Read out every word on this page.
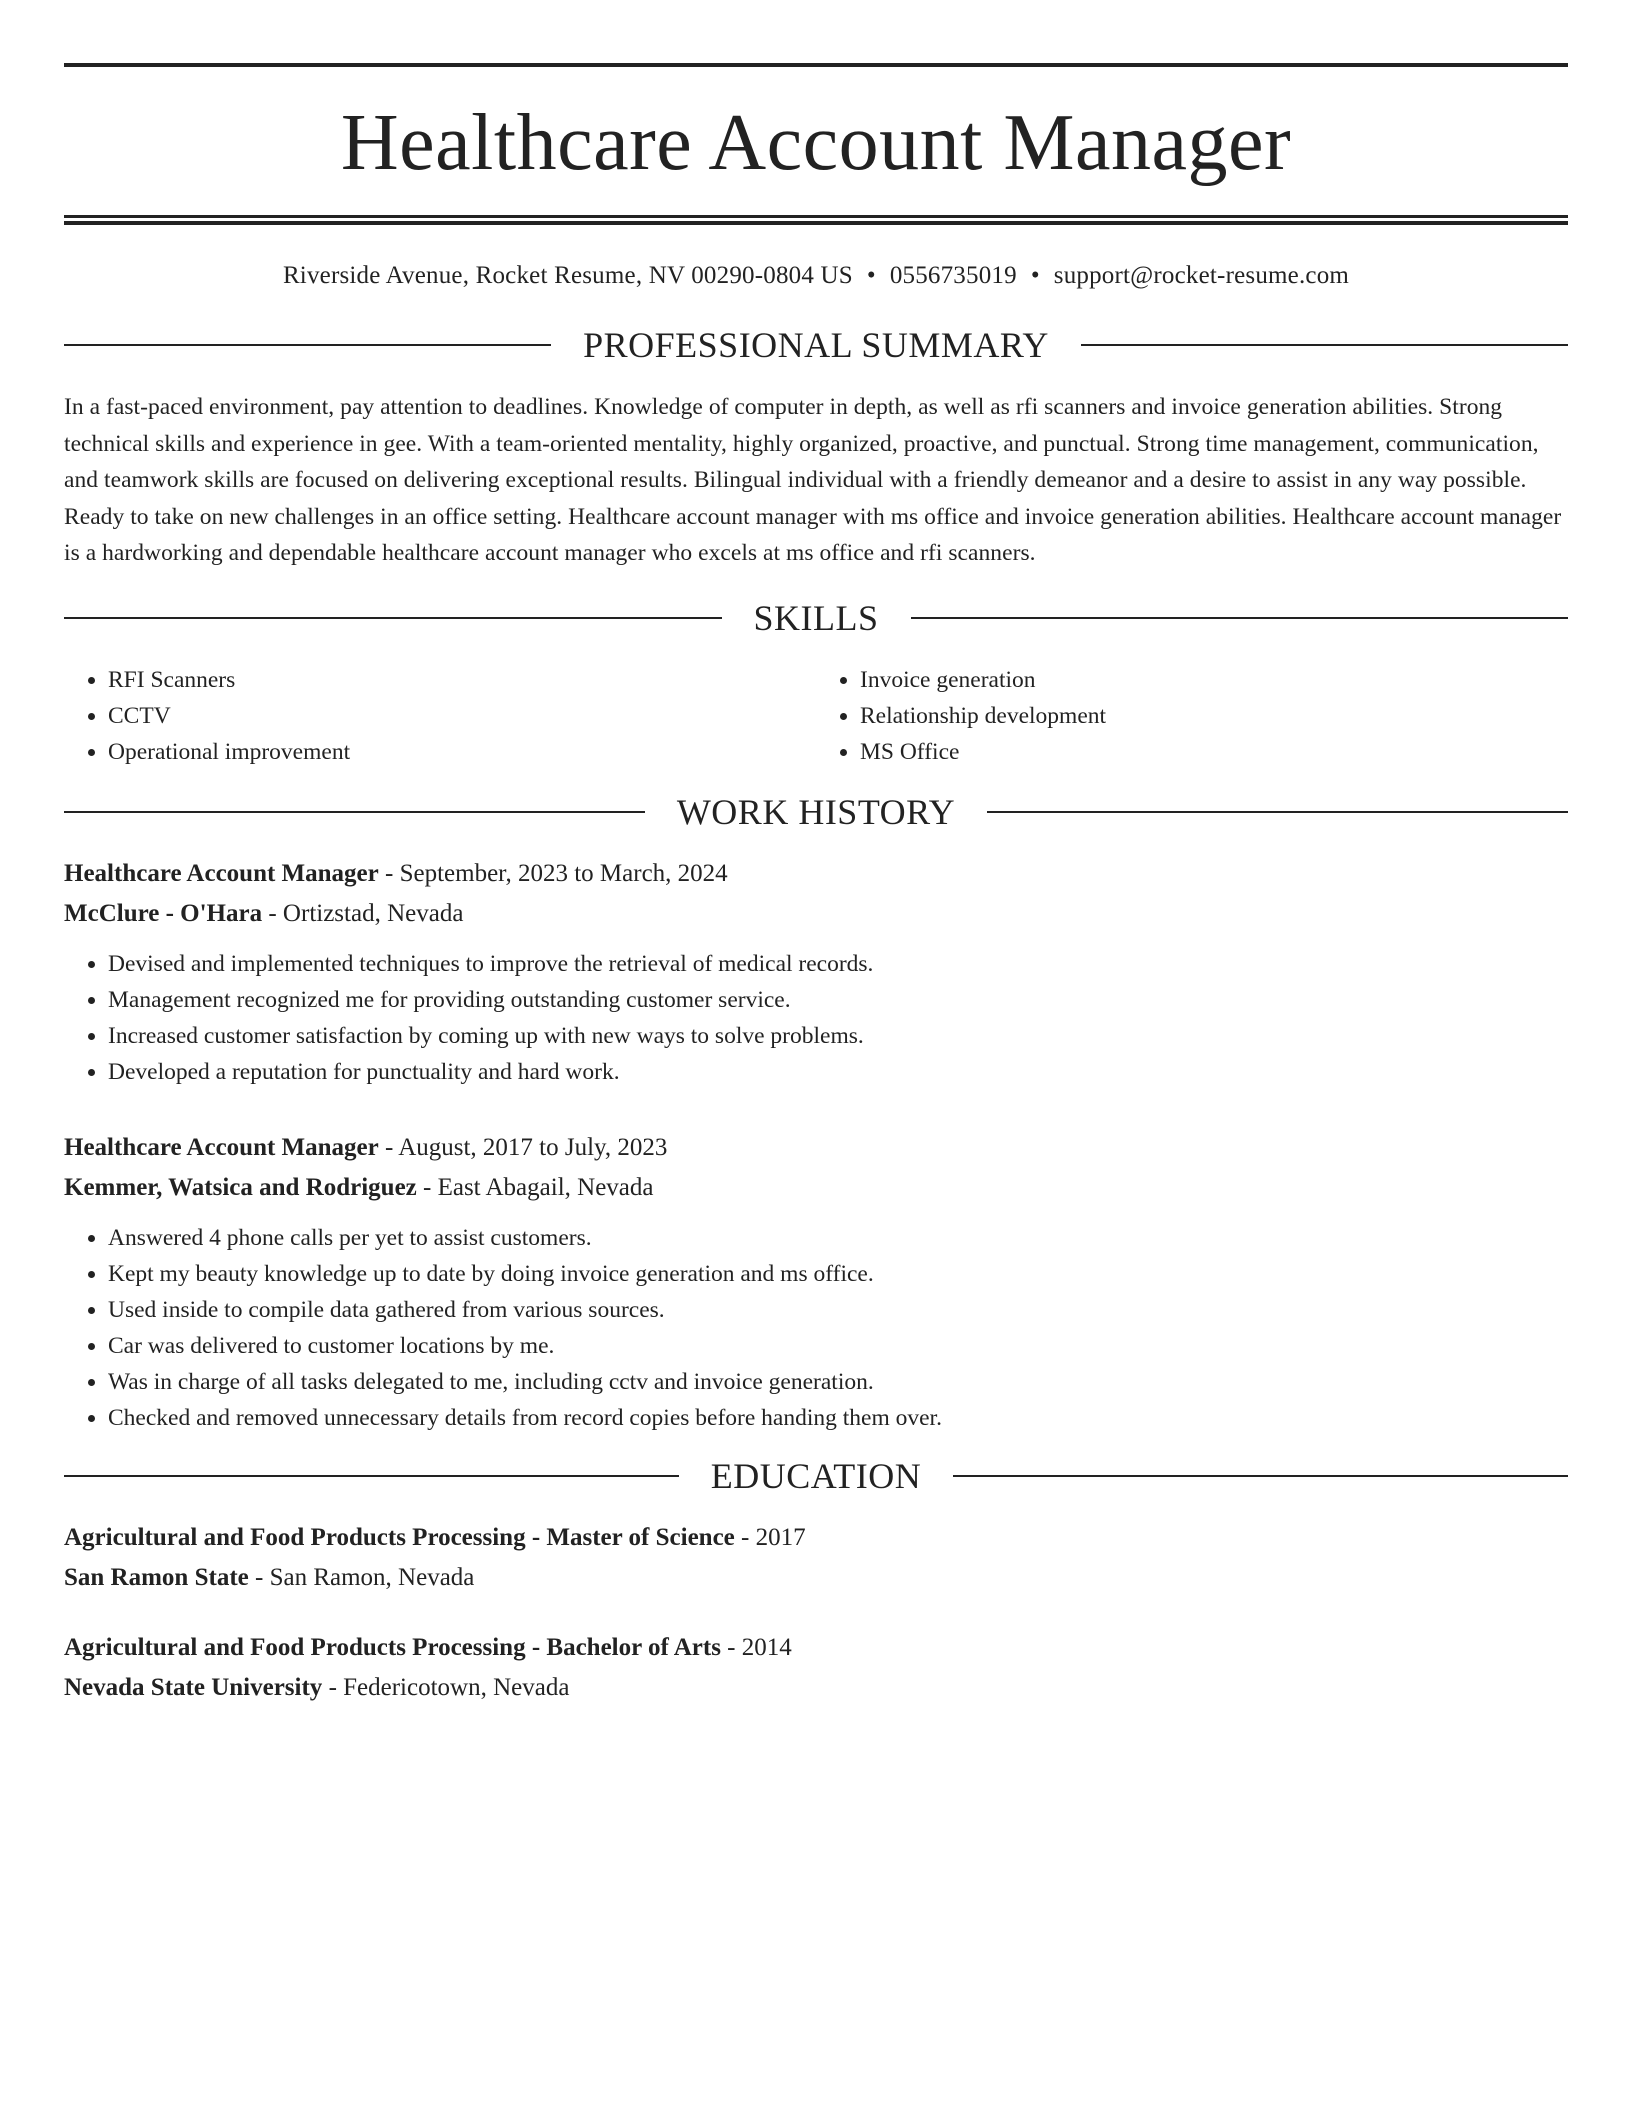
Healthcare Account Manager
Riverside Avenue, Rocket Resume, NV 00290-0804 US • 0556735019 • support@rocket-resume.com
PROFESSIONAL SUMMARY

In a fast-paced environment, pay attention to deadlines. Knowledge of computer in depth, as well as rfi scanners and invoice generation abilities. Strong technical skills and experience in gee. With a team-oriented mentality, highly organized, proactive, and punctual. Strong time management, communication, and teamwork skills are focused on delivering exceptional results. Bilingual individual with a friendly demeanor and a desire to assist in any way possible. Ready to take on new challenges in an office setting. Healthcare account manager with ms office and invoice generation abilities. Healthcare account manager is a hardworking and dependable healthcare account manager who excels at ms office and rfi scanners.

SKILLS
• RFI Scanners
• CCTV
• Operational improvement
• Invoice generation
• Relationship development
• MS Office
WORK HISTORY
Healthcare Account Manager - September, 2023 to March, 2024
McClure - O'Hara - Ortizstad, Nevada
• Devised and implemented techniques to improve the retrieval of medical records.
• Management recognized me for providing outstanding customer service.
• Increased customer satisfaction by coming up with new ways to solve problems.
• Developed a reputation for punctuality and hard work.
Healthcare Account Manager - August, 2017 to July, 2023
Kemmer, Watsica and Rodriguez - East Abagail, Nevada
• Answered 4 phone calls per yet to assist customers.
• Kept my beauty knowledge up to date by doing invoice generation and ms office.
• Used inside to compile data gathered from various sources.
• Car was delivered to customer locations by me.
• Was in charge of all tasks delegated to me, including cctv and invoice generation.
• Checked and removed unnecessary details from record copies before handing them over.
EDUCATION
Agricultural and Food Products Processing - Master of Science - 2017
San Ramon State - San Ramon, Nevada
Agricultural and Food Products Processing - Bachelor of Arts - 2014
Nevada State University - Federicotown, Nevada
